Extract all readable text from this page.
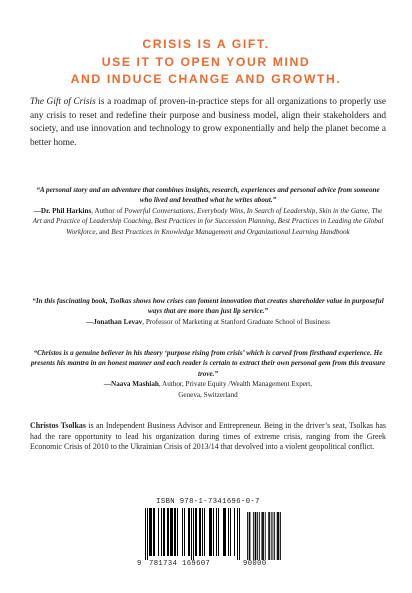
CRISIS IS A GIFT.
USE IT TO OPEN YOUR MIND
AND INDUCE CHANGE AND GROWTH.

The Gift of Crisis is a roadmap of proven-in-practice steps for all organizations to properly use any crisis to reset and redefine their purpose and business model, align their stakeholders and society, and use innovation and technology to grow exponentially and help the planet become a better home.

“A personal story and an adventure that combines insights, research, experiences and personal advice from someone who lived and breathed what he writes about.”
—Dr. Phil Harkins, Author of Powerful Conversations, Everybody Wins, In Search of Leadership, Skin in the Game, The Art and Practice of Leadership Coaching, Best Practices in for Succession Planning, Best Practices in Leading the Global Workforce, and Best Practices in Knowledge Management and Organizational Learning Handbook
“In this fascinating book, Tsolkas shows how crises can foment innovation that creates shareholder value in purposeful ways that are more than just lip service.”
—Jonathan Levav, Professor of Marketing at Stanford Graduate School of Business
“Christos is a genuine believer in his theory ‘purpose rising from crisis’ which is carved from firsthand experience. He presents his mantra in an honest manner and each reader is certain to extract their own personal gem from this treasure trove.”
—Naava Mashiah, Author, Private Equity /Wealth Management Expert,
Geneva, Switzerland

Christos Tsolkas is an Independent Business Advisor and Entrepreneur. Being in the driver’s seat, Tsolkas has had the rare opportunity to lead his organization during times of extreme crisis, ranging from the Greek Economic Crisis of 2010 to the Ukrainian Crisis of 2013/14 that devolved into a violent geopolitical conflict.

ISBN 978-1-7341696-0-7
9 781734 169607	90000
